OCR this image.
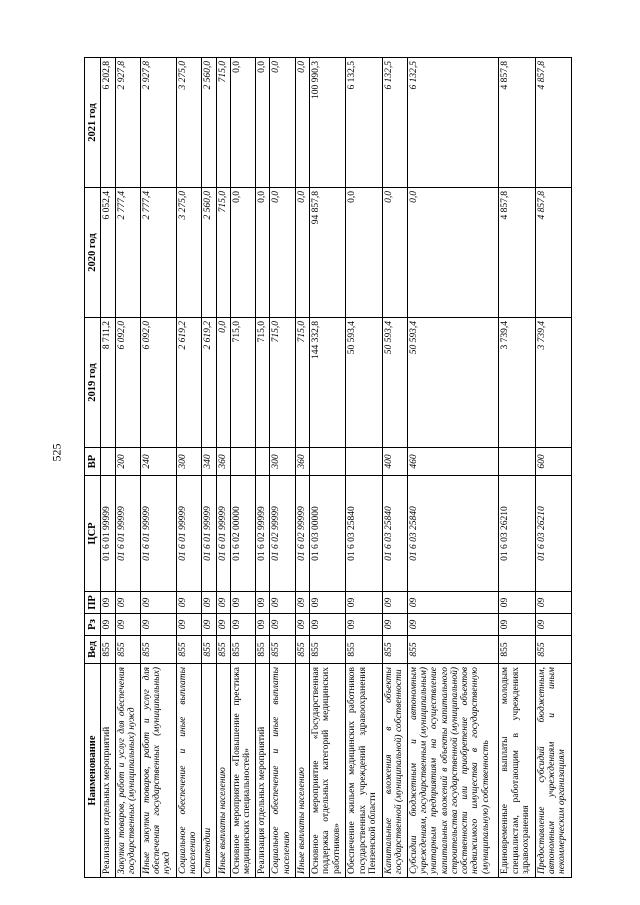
525
Наименование	Вед	Рз	ПР	ЦСР	ВР	2019 год	2020 год	2021 год
Реализация отдельных мероприятий	855	09	09	01 6 01 99999		8 711,2	6 052,4	6 202,8
Закупка товаров, работ и услуг для обеспечения государственных (муниципальных) нужд	855	09	09	01 6 01 99999	200	6 092,0	2 777,4	2 927,8
Иные закупки товаров, работ и услуг для обеспечения государственных (муниципальных) нужд	855	09	09	01 6 01 99999	240	6 092,0	2 777,4	2 927,8
Социальное обеспечение и иные выплаты населению	855	09	09	01 6 01 99999	300	2 619,2	3 275,0	3 275,0
Стипендии	855	09	09	01 6 01 99999	340	2 619,2	2 560,0	2 560,0
Иные выплаты населению	855	09	09	01 6 01 99999	360	0,0	715,0	715,0
Основное мероприятие «Повышение престижа медицинских специальностей»	855	09	09	01 6 02 00000		715,0	0,0	0,0
Реализация отдельных мероприятий	855	09	09	01 6 02 99999		715,0	0,0	0,0
Социальное обеспечение и иные выплаты населению	855	09	09	01 6 02 99999	300	715,0	0,0	0,0
Иные выплаты населению	855	09	09	01 6 02 99999	360	715,0	0,0	0,0
Основное мероприятие «Государственная поддержка отдельных категорий медицинских работников»	855	09	09	01 6 03 00000		144 332,8	94 857,8	100 990,3
Обеспечение жильем медицинских работников государственных учреждений здравоохранения Пензенской области	855	09	09	01 6 03 25840		50 593,4	0,0	6 132,5
Капитальные вложения в объекты государственной (муниципальной) собственности	855	09	09	01 6 03 25840	400	50 593,4	0,0	6 132,5
Субсидии бюджетным и автономным учреждениям, государственным (муниципальным) унитарным предприятиям на осуществление капитальных вложений в объекты капитального строительства государственной (муниципальной) собственности или приобретение объектов недвижимого имущества в государственную (муниципальную) собственность	855	09	09	01 6 03 25840	460	50 593,4	0,0	6 132,5
Единовременные выплаты молодым специалистам, работающим в учреждениях здравоохранения	855	09	09	01 6 03 26210		3 739,4	4 857,8	4 857,8
Предоставление субсидий бюджетным, автономным учреждениям и иным некоммерческим организациям	855	09	09	01 6 03 26210	600	3 739,4	4 857,8	4 857,8
